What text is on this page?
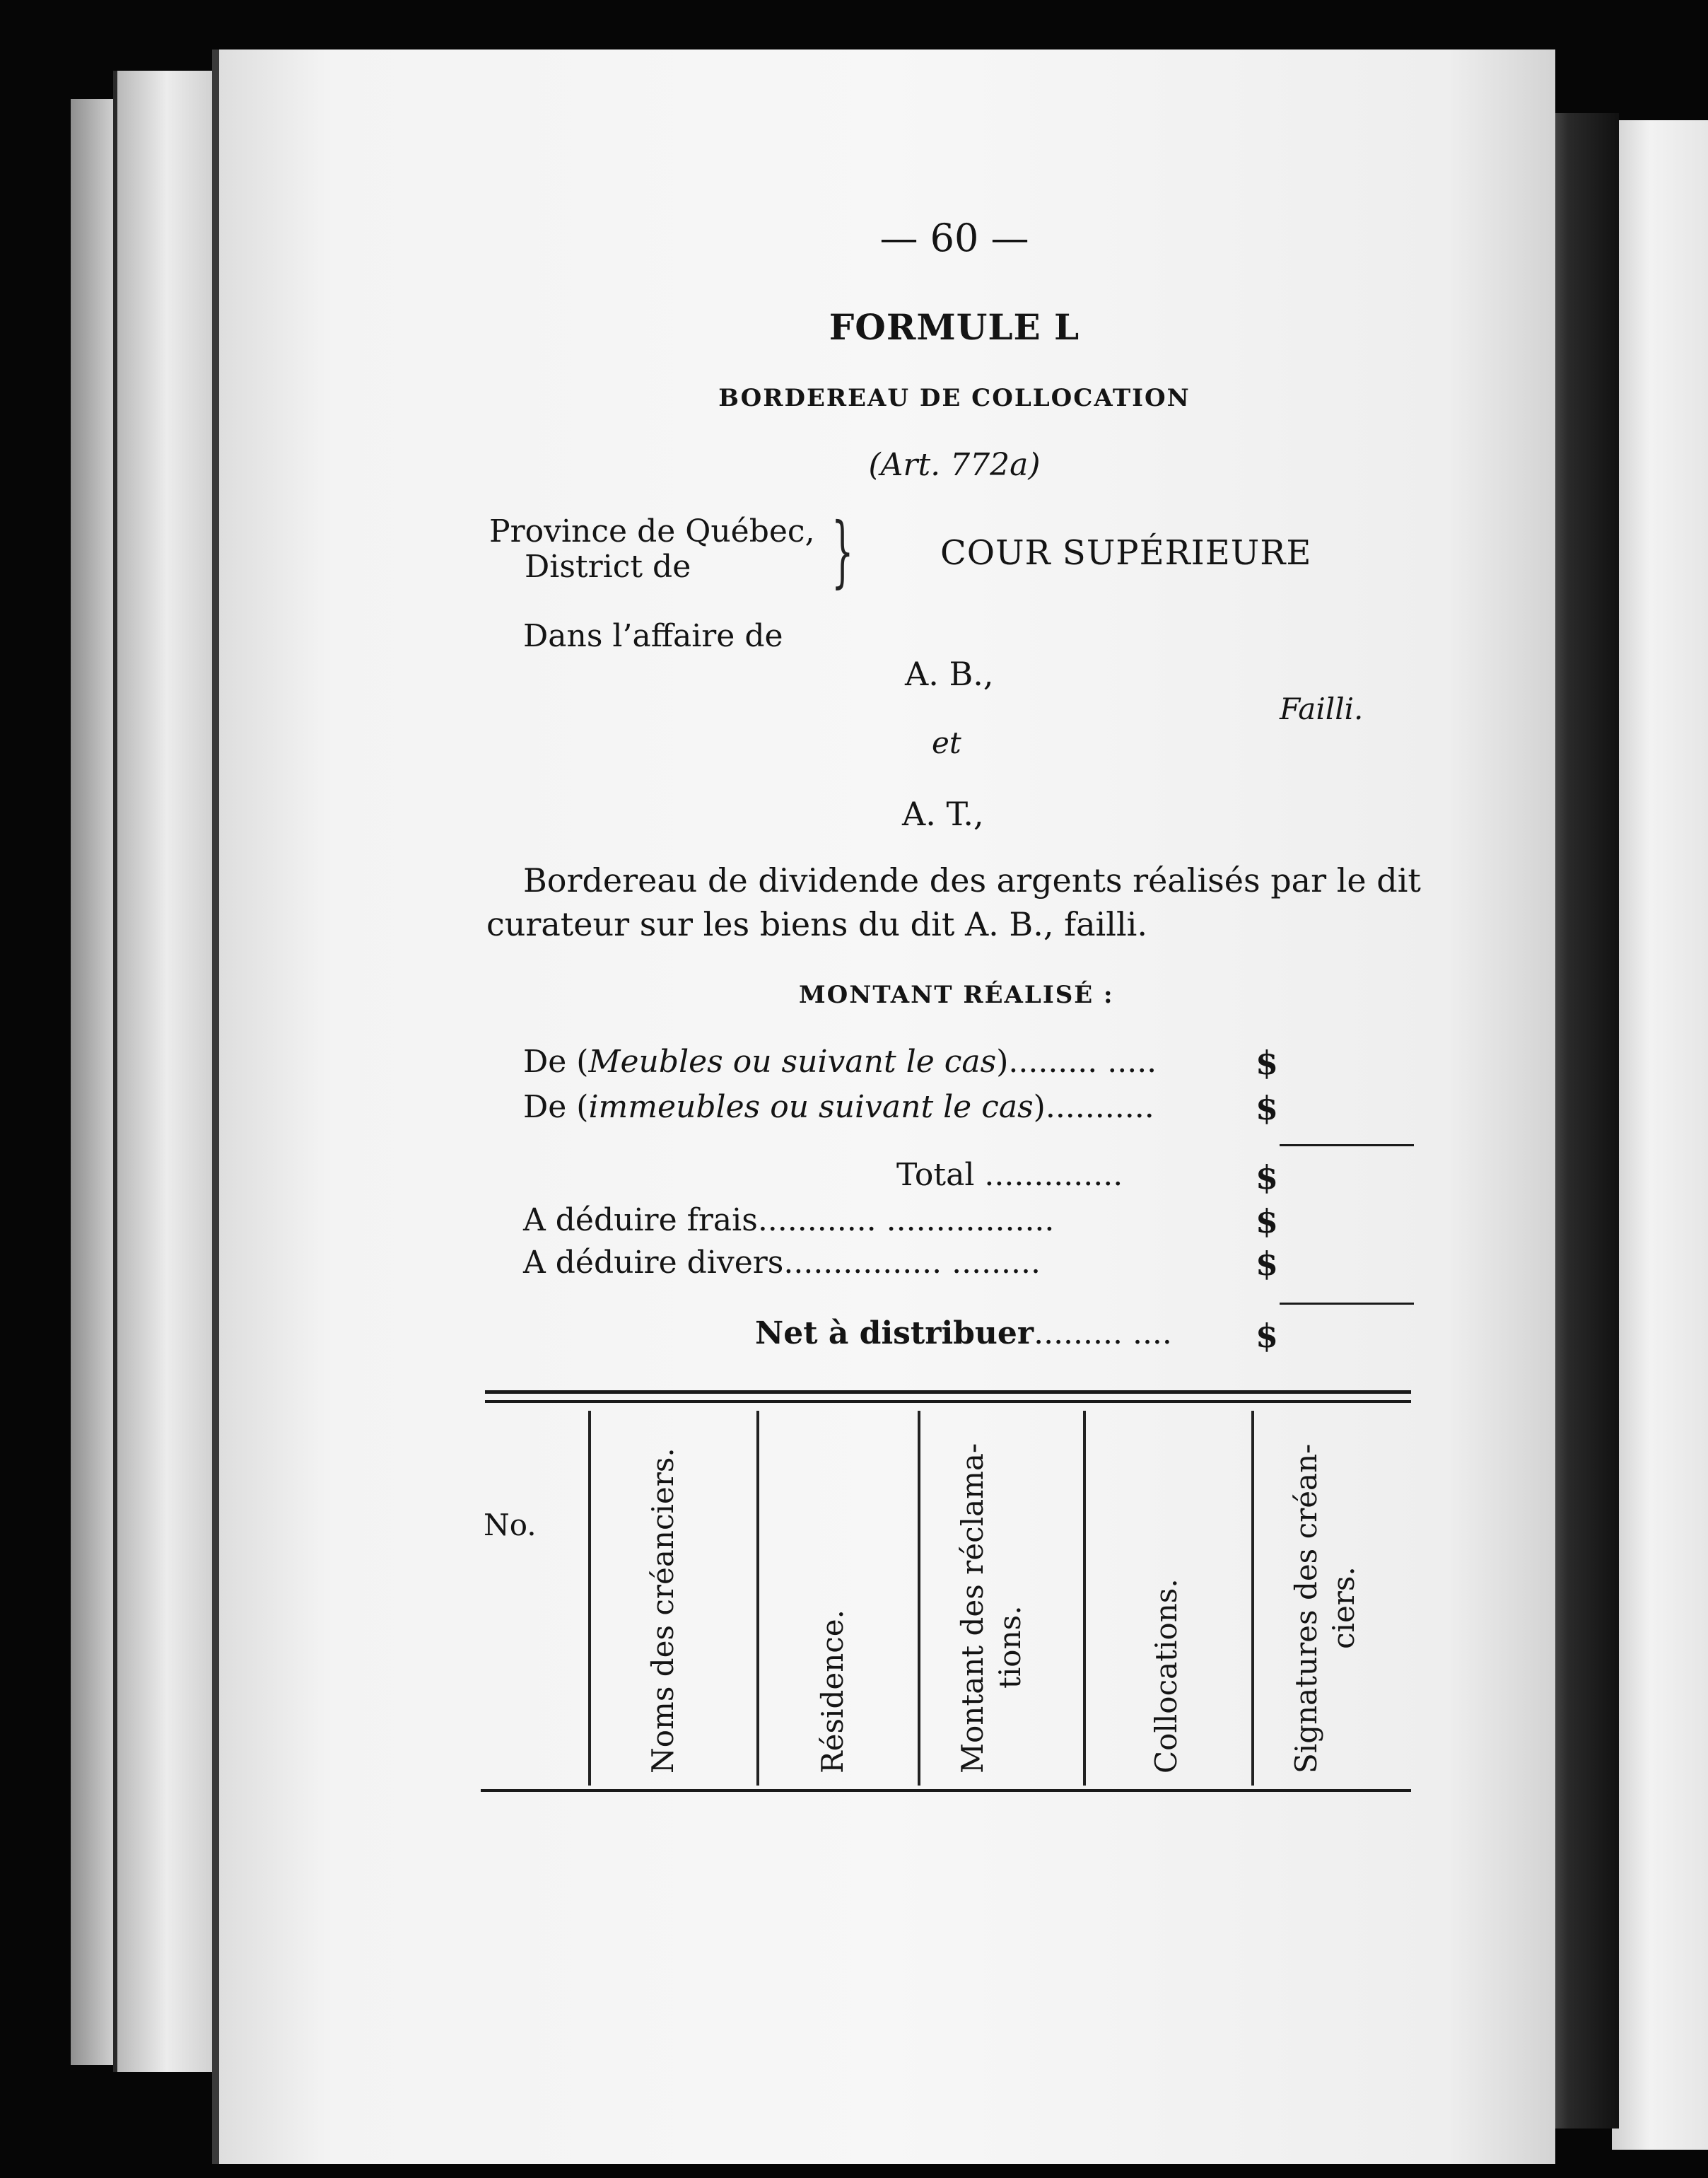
— 60 —
FORMULE L
BORDEREAU DE COLLOCATION
(Art. 772a)
Province de Québec,
District de }	COUR SUPÉRIEURE
Dans l’affaire de
A. B.,
Failli.
et
A. T.,
Bordereau de dividende des argents réalisés par le dit
curateur sur les biens du dit A. B., failli.
MONTANT RÉALISÉ :
De (Meubles ou suivant le cas)......... .....	$
De (immeubles ou suivant le cas)...........	$
Total ..............	$
A déduire frais............ .................	$
A déduire divers................ .........	$
Net à distribuer......... ....	$
No.	Noms des créanciers.	Résidence.	Montant des réclama- tions.	Collocations.	Signatures des créan- ciers.
